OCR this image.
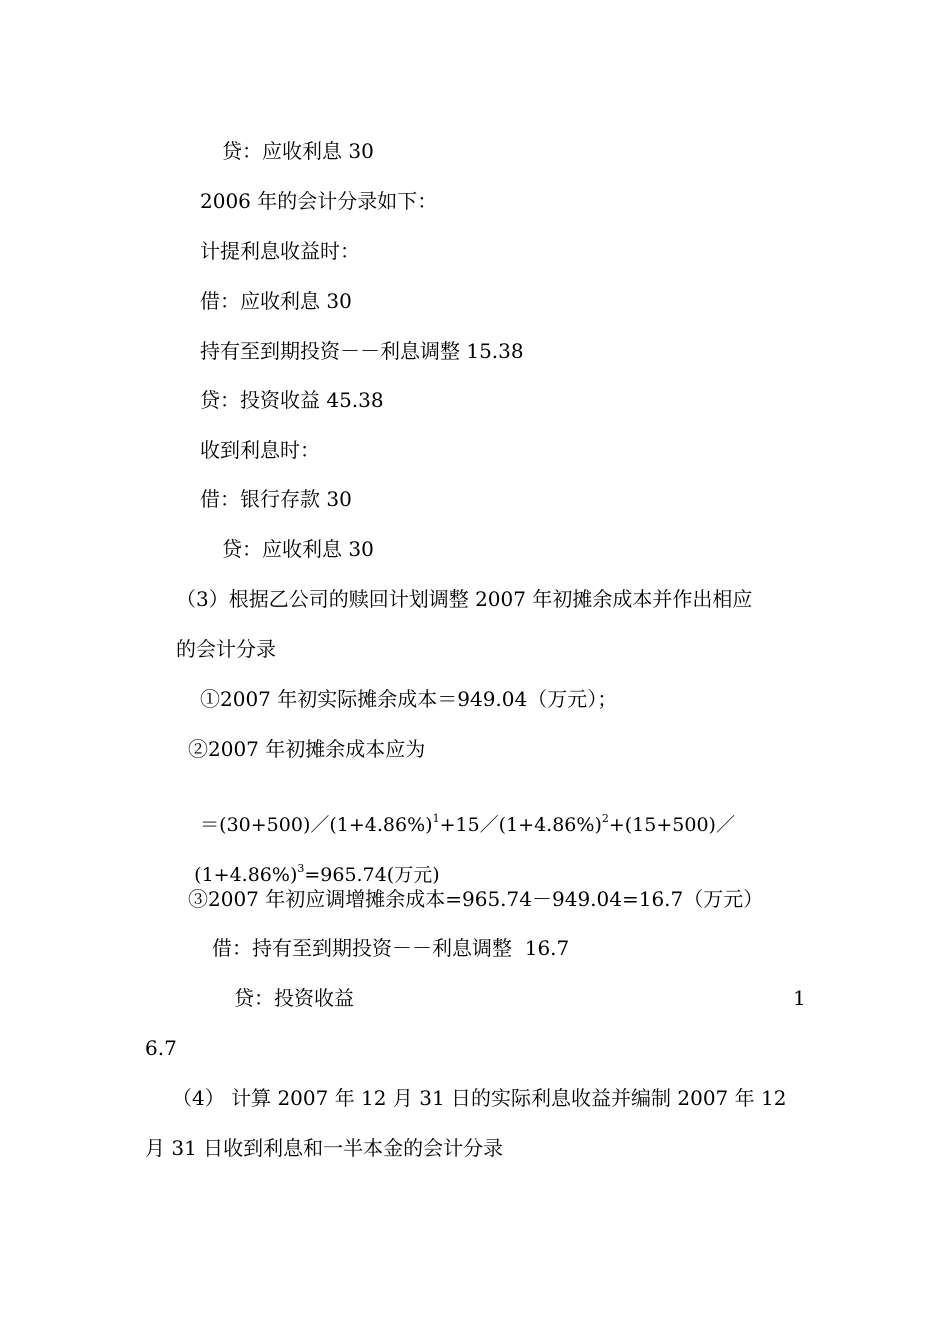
贷：应收利息 30
2006 年的会计分录如下：
计提利息收益时：
借：应收利息 30
持有至到期投资－－利息调整 15.38
贷：投资收益 45.38
收到利息时：
借：银行存款 30
贷：应收利息 30
（3）根据乙公司的赎回计划调整 2007 年初摊余成本并作出相应
的会计分录
①2007 年初实际摊余成本＝949.04（万元）；
②2007 年初摊余成本应为

$=(30+500)/(1+4.86\%)^1+15/(1+4.86\%)^2+(15+500)/$

$(1+4.86\%)^3=965.74$(万元)

③2007 年初应调增摊余成本=965.74－949.04=16.7（万元）
借：持有至到期投资－－利息调整  16.7
贷：投资收益	1
6.7
（4） 计算 2007 年 12 月 31 日的实际利息收益并编制 2007 年 12
月 31 日收到利息和一半本金的会计分录
